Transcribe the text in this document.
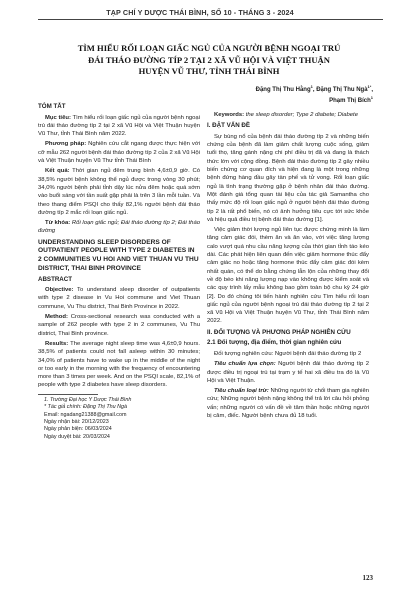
TẠP CHÍ Y DƯỢC THÁI BÌNH, SỐ 10 - THÁNG 3 - 2024
TÌM HIỂU RỐI LOẠN GIẤC NGỦ CỦA NGƯỜI BỆNH NGOẠI TRÚ
ĐÁI THÁO ĐƯỜNG TÍP 2 TẠI 2 XÃ VŨ HỘI VÀ VIỆT THUẬN
HUYỆN VŨ THƯ, TỈNH THÁI BÌNH
Đặng Thị Thu Hằng$^1$, Đặng Thị Thu Ngà$^{1*}$,
Phạm Thị Bích$^1$
TÓM TẮT
Mục tiêu: Tìm hiểu rối loạn giấc ngủ của người bệnh ngoại trú đái tháo đường típ 2 tại 2 xã Vũ Hội và Việt Thuận huyện Vũ Thư, tỉnh Thái Bình năm 2022.
Phương pháp: Nghiên cứu cắt ngang được thực hiện với cỡ mẫu 262 người bệnh đái tháo đường típ 2 của 2 xã Vũ Hội và Việt Thuận huyện Vũ Thư tỉnh Thái Bình
Kết quả: Thời gian ngủ đêm trung bình 4,6±0,9 giờ. Có 38,5% người bệnh không thể ngủ được trong vòng 30 phút; 34,0% người bệnh phải tỉnh dậy lúc nửa đêm hoặc quá sớm vào buổi sáng với tần suất gặp phải là trên 3 lần mỗi tuần. Và theo thang điểm PSQI cho thấy 82,1% người bệnh đái tháo đường típ 2 mắc rối loạn giấc ngủ.
Từ khóa: Rối loạn giấc ngủ; Đái tháo đường típ 2; Đái tháo đường
UNDERSTANDING SLEEP DISORDERS OF OUTPATIENT PEOPLE WITH TYPE 2 DIABETES IN 2 COMMUNITIES VU HOI AND VIET THUAN VU THU DISTRICT, THAI BINH PROVINCE
ABSTRACT
Objective: To understand sleep disorder of outpatients with type 2 disease in Vu Hoi commune and Viet Thuan commune, Vu Thu district, Thai Binh Province in 2022.
Method: Cross-sectional research was conducted with a sample of 262 people with type 2 in 2 communes, Vu Thu district, Thai Binh province.
Results: The average night sleep time was 4,6±0,9 hours. 38,5% of patients could not fall asleep within 30 minutes; 34,0% of patients have to wake up in the middle of the night or too early in the morning with the frequency of encountering more than 3 times per week. And on the PSQI scale, 82,1% of people with type 2 diabetes have sleep disorders.
1. Trường Đại học Y Dược Thái Bình
* Tác giả chính: Đặng Thị Thu Ngà
Email: ngadang21388@gmail.com
Ngày nhận bài: 20/12/2023
Ngày phản biện: 06/03/2024
Ngày duyệt bài: 20/03/2024
Keywords: the sleep disorder; Type 2 diabete; Diabete
I. ĐẶT VẤN ĐỀ
Sự bùng nổ của bệnh đái tháo đường típ 2 và những biến chứng của bệnh đã làm giảm chất lượng cuộc sống, giảm tuổi thọ, tăng gánh nặng chi phí điều trị đã và đang là thách thức lớn với cộng đồng. Bệnh đái tháo đường típ 2 gây nhiều biến chứng cơ quan đích và hiện đang là một trong những bệnh đứng hàng đầu gây tàn phế và tử vong. Rối loạn giấc ngủ là tình trạng thường gặp ở bệnh nhân đái tháo đường. Một đánh giá tổng quan tài liệu của tác giả Samantha cho thấy mức độ rối loạn giấc ngủ ở người bệnh đái tháo đường típ 2 là rất phổ biến, nó có ảnh hưởng tiêu cực tới sức khỏe và hiệu quả điều trị bệnh đái tháo đường [1].
Việc giảm thời lượng ngủ liên tục được chứng minh là làm tăng cảm giác đói, thèm ăn và ăn vào, với việc tăng lượng calo vượt quá nhu cầu năng lượng của thời gian tỉnh táo kéo dài. Các phát hiện liên quan đến việc giảm hormone thúc đẩy cảm giác no hoặc tăng hormone thúc đẩy cảm giác đói kèm nhất quán, có thể do bằng chứng lẫn lộn của những thay đổi về độ béo khi năng lượng nạp vào không được kiểm soát và các quy trình lấy mẫu không bao gồm toàn bộ chu kỳ 24 giờ [2]. Do đó chúng tôi tiến hành nghiên cứu Tìm hiểu rối loạn giấc ngủ của người bệnh ngoại trú đái tháo đường típ 2 tại 2 xã Vũ Hội và Việt Thuận huyện Vũ Thư, tỉnh Thái Bình năm 2022.
II. ĐỐI TƯỢNG VÀ PHƯƠNG PHÁP NGHIÊN CỨU
2.1 Đối tượng, địa điểm, thời gian nghiên cứu
Đối tượng nghiên cứu: Người bệnh đái tháo đường típ 2
Tiêu chuẩn lựa chọn: Người bệnh đái tháo đường típ 2 được điều trị ngoại trú tại trạm y tế hai xã điều tra đó là Vũ Hội và Việt Thuận.
Tiêu chuẩn loại trừ: Những người từ chối tham gia nghiên cứu; Những người bệnh nặng không thể trả lời câu hỏi phỏng vấn; những người có vấn đề về tâm thần hoặc những người bị câm, điếc. Người bệnh chưa đủ 18 tuổi.
123
